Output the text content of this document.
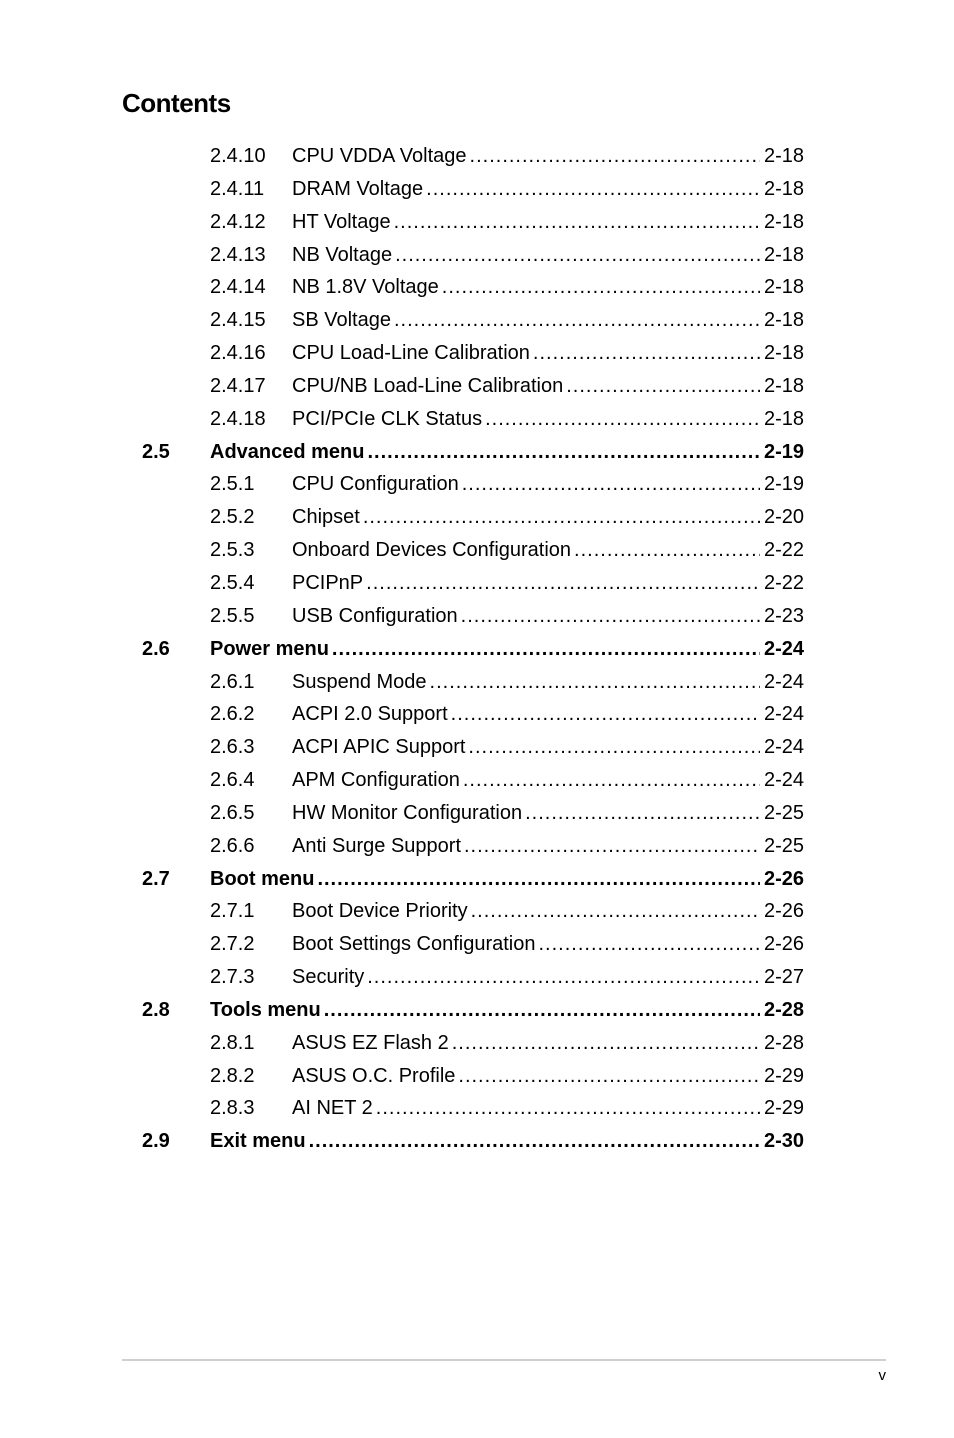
Contents
2.4.10 CPU VDDA Voltage .....	2-18
2.4.11 DRAM Voltage .....	2-18
2.4.12 HT Voltage .....	2-18
2.4.13 NB Voltage .....	2-18
2.4.14 NB 1.8V Voltage .....	2-18
2.4.15 SB Voltage .....	2-18
2.4.16 CPU Load-Line Calibration .....	2-18
2.4.17 CPU/NB Load-Line Calibration .....	2-18
2.4.18 PCI/PCIe CLK Status .....	2-18
2.5 Advanced menu .....	2-19
2.5.1 CPU Configuration .....	2-19
2.5.2 Chipset .....	2-20
2.5.3 Onboard Devices Configuration .....	2-22
2.5.4 PCIPnP .....	2-22
2.5.5 USB Configuration .....	2-23
2.6 Power menu .....	2-24
2.6.1 Suspend Mode .....	2-24
2.6.2 ACPI 2.0 Support .....	2-24
2.6.3 ACPI APIC Support .....	2-24
2.6.4 APM Configuration .....	2-24
2.6.5 HW Monitor Configuration .....	2-25
2.6.6 Anti Surge Support .....	2-25
2.7 Boot menu .....	2-26
2.7.1 Boot Device Priority .....	2-26
2.7.2 Boot Settings Configuration .....	2-26
2.7.3 Security .....	2-27
2.8 Tools menu .....	2-28
2.8.1 ASUS EZ Flash 2 .....	2-28
2.8.2 ASUS O.C. Profile .....	2-29
2.8.3 AI NET 2 .....	2-29
2.9 Exit menu .....	2-30
v
